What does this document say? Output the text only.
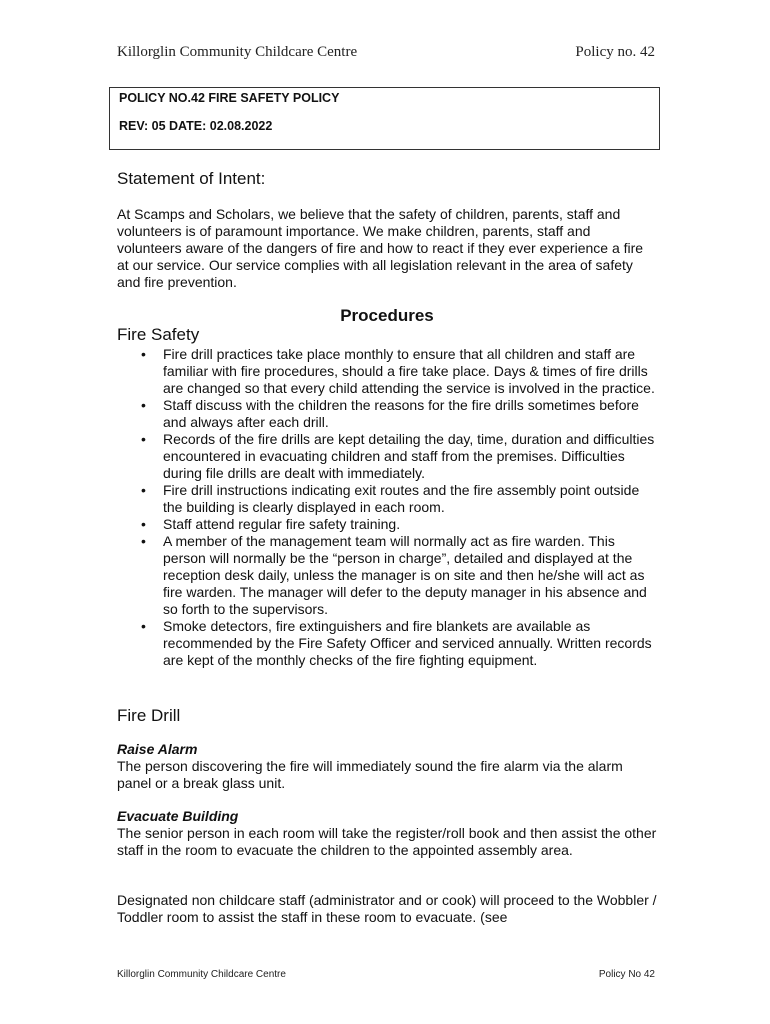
Killorglin Community Childcare Centre	Policy no. 42
POLICY NO.42 FIRE SAFETY POLICY
REV: 05 DATE: 02.08.2022
Statement of Intent:

At Scamps and Scholars, we believe that the safety of children, parents, staff and volunteers is of paramount importance. We make children, parents, staff and volunteers aware of the dangers of fire and how to react if they ever experience a fire at our service. Our service complies with all legislation relevant in the area of safety and fire prevention.

Procedures
Fire Safety
• Fire drill practices take place monthly to ensure that all children and staff are familiar with fire procedures, should a fire take place. Days & times of fire drills are changed so that every child attending the service is involved in the practice.
• Staff discuss with the children the reasons for the fire drills sometimes before and always after each drill.
• Records of the fire drills are kept detailing the day, time, duration and difficulties encountered in evacuating children and staff from the premises. Difficulties during file drills are dealt with immediately.
• Fire drill instructions indicating exit routes and the fire assembly point outside the building is clearly displayed in each room.
• Staff attend regular fire safety training.
• A member of the management team will normally act as fire warden. This person will normally be the “person in charge”, detailed and displayed at the reception desk daily, unless the manager is on site and then he/she will act as fire warden. The manager will defer to the deputy manager in his absence and so forth to the supervisors.
• Smoke detectors, fire extinguishers and fire blankets are available as recommended by the Fire Safety Officer and serviced annually. Written records are kept of the monthly checks of the fire fighting equipment.
Fire Drill
Raise Alarm

The person discovering the fire will immediately sound the fire alarm via the alarm panel or a break glass unit.

Evacuate Building

The senior person in each room will take the register/roll book and then assist the other staff in the room to evacuate the children to the appointed assembly area.

Designated non childcare staff (administrator and or cook) will proceed to the Wobbler / Toddler room to assist the staff in these room to evacuate. (see

Killorglin Community Childcare Centre	Policy No 42
